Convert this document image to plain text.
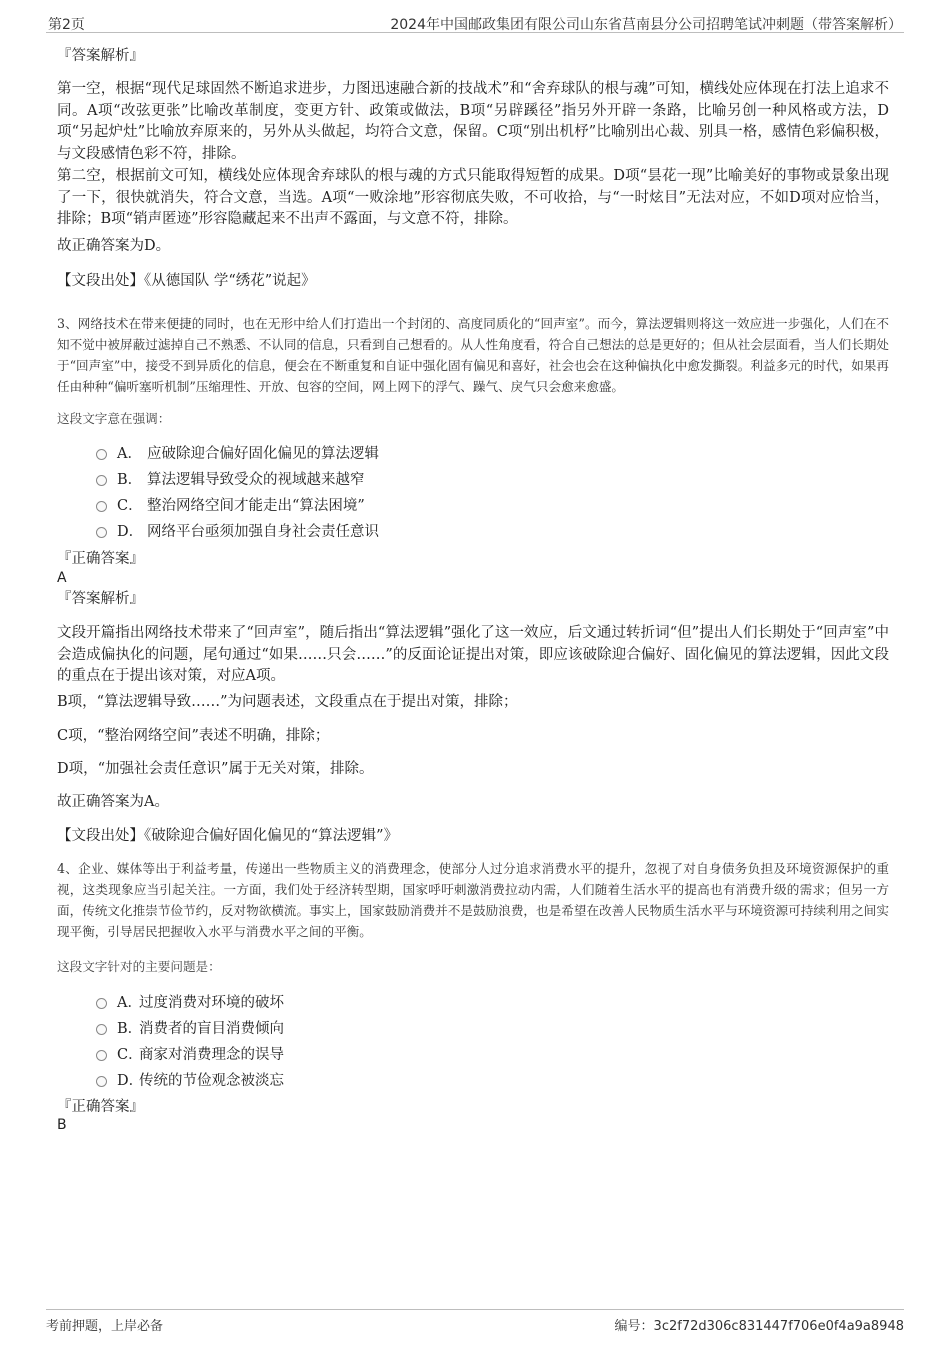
第2页	2024年中国邮政集团有限公司山东省莒南县分公司招聘笔试冲刺题（带答案解析）
『答案解析』
第一空，根据“现代足球固然不断追求进步，力图迅速融合新的技战术”和“舍弃球队的根与魂”可知，横线处应体现在打法上追求不同。A项“改弦更张”比喻改革制度，变更方针、政策或做法，B项“另辟蹊径”指另外开辟一条路，比喻另创一种风格或方法，D项“另起炉灶”比喻放弃原来的，另外从头做起，均符合文意，保留。C项“别出机杼”比喻别出心裁、别具一格，感情色彩偏积极，与文段感情色彩不符，排除。
第二空，根据前文可知，横线处应体现舍弃球队的根与魂的方式只能取得短暂的成果。D项“昙花一现”比喻美好的事物或景象出现了一下，很快就消失，符合文意，当选。A项“一败涂地”形容彻底失败，不可收拾，与“一时炫目”无法对应，不如D项对应恰当，排除；B项“销声匿迹”形容隐藏起来不出声不露面，与文意不符，排除。
故正确答案为D。
【文段出处】《从德国队 学“绣花”说起》
3、网络技术在带来便捷的同时，也在无形中给人们打造出一个封闭的、高度同质化的“回声室”。而今，算法逻辑则将这一效应进一步强化，人们在不知不觉中被屏蔽过滤掉自己不熟悉、不认同的信息，只看到自己想看的。从人性角度看，符合自己想法的总是更好的；但从社会层面看，当人们长期处于“回声室”中，接受不到异质化的信息，便会在不断重复和自证中强化固有偏见和喜好，社会也会在这种偏执化中愈发撕裂。利益多元的时代，如果再任由种种“偏听塞听机制”压缩理性、开放、包容的空间，网上网下的浮气、躁气、戾气只会愈来愈盛。
这段文字意在强调：
A． 应破除迎合偏好固化偏见的算法逻辑
B． 算法逻辑导致受众的视域越来越窄
C． 整治网络空间才能走出“算法困境”
D． 网络平台亟须加强自身社会责任意识
『正确答案』
A
『答案解析』
文段开篇指出网络技术带来了“回声室”，随后指出“算法逻辑”强化了这一效应，后文通过转折词“但”提出人们长期处于“回声室”中会造成偏执化的问题，尾句通过“如果……只会……”的反面论证提出对策，即应该破除迎合偏好、固化偏见的算法逻辑，因此文段的重点在于提出该对策，对应A项。
B项，“算法逻辑导致……”为问题表述，文段重点在于提出对策，排除；
C项，“整治网络空间”表述不明确，排除；
D项，“加强社会责任意识”属于无关对策，排除。
故正确答案为A。
【文段出处】《破除迎合偏好固化偏见的“算法逻辑”》
4、企业、媒体等出于利益考量，传递出一些物质主义的消费理念，使部分人过分追求消费水平的提升，忽视了对自身债务负担及环境资源保护的重视，这类现象应当引起关注。一方面，我们处于经济转型期，国家呼吁刺激消费拉动内需，人们随着生活水平的提高也有消费升级的需求；但另一方面，传统文化推崇节俭节约，反对物欲横流。事实上，国家鼓励消费并不是鼓励浪费，也是希望在改善人民物质生活水平与环境资源可持续利用之间实现平衡，引导居民把握收入水平与消费水平之间的平衡。
这段文字针对的主要问题是：
A．
过度消费对环境的破坏
B．
消费者的盲目消费倾向
C．
商家对消费理念的误导
D．
传统的节俭观念被淡忘
『正确答案』
B
考前押题，上岸必备	编号：3c2f72d306c831447f706e0f4a9a8948
